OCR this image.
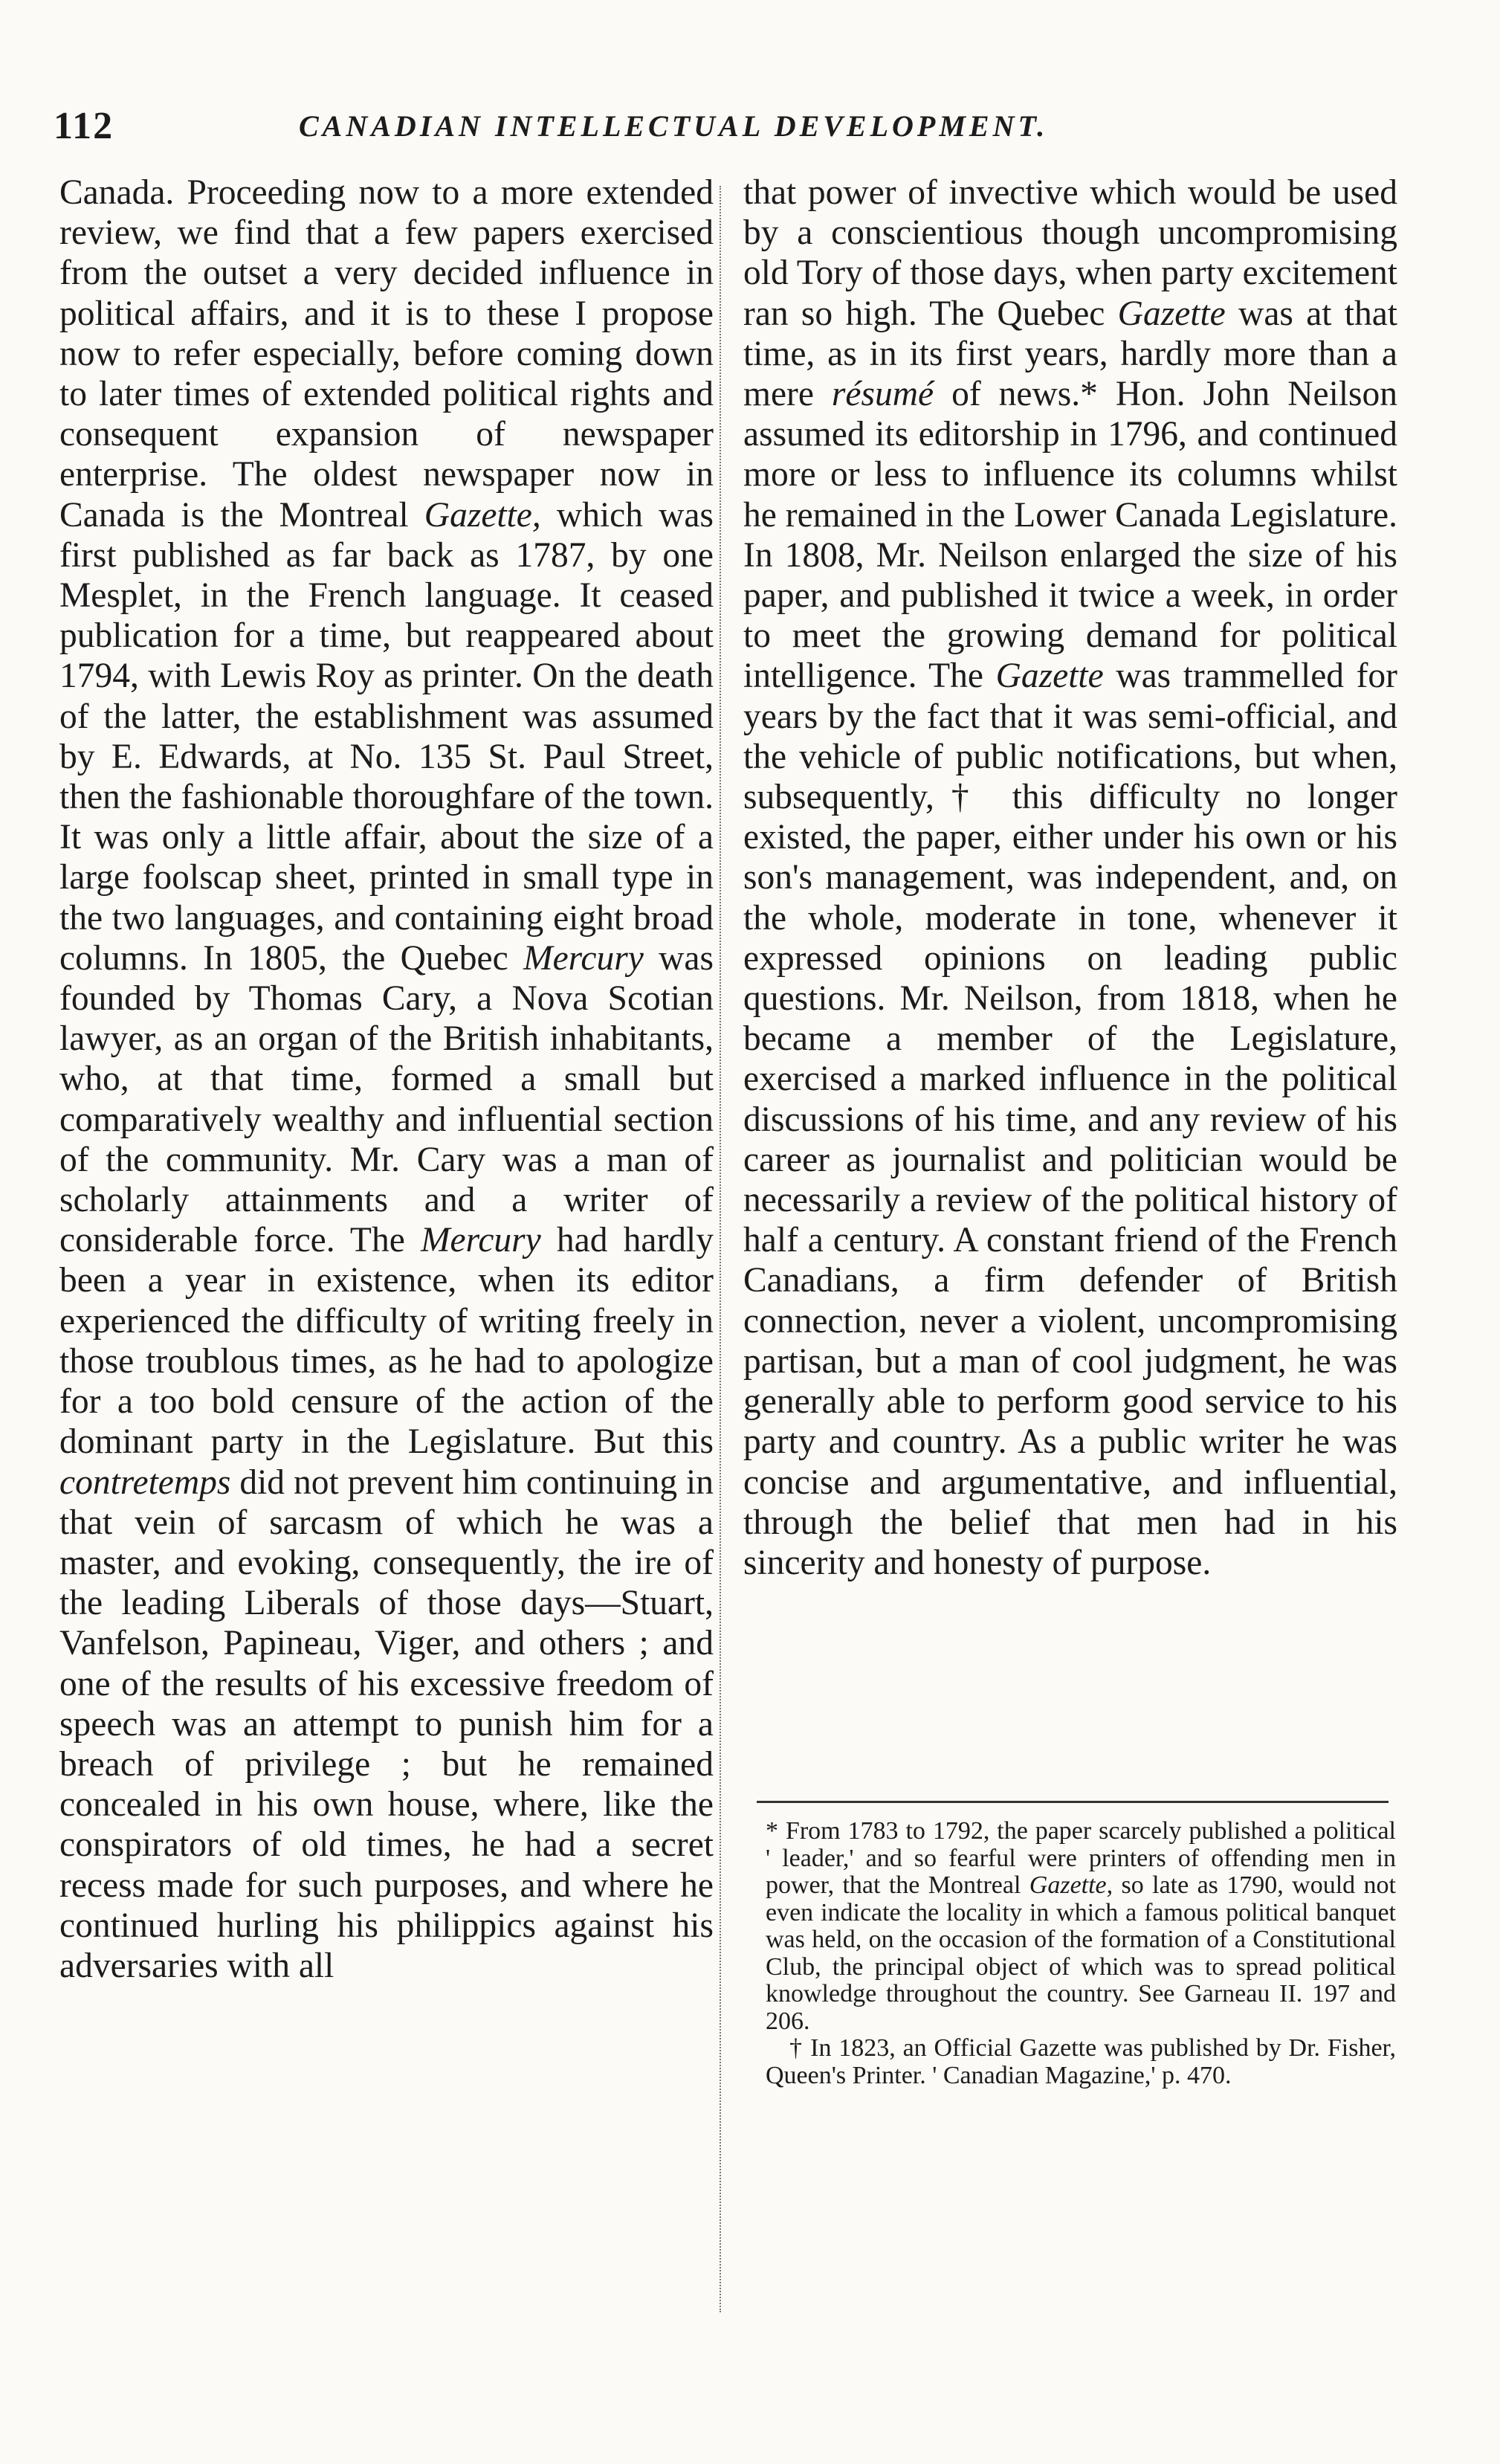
112	CANADIAN INTELLECTUAL DEVELOPMENT.

Canada. Proceeding now to a more extended review, we find that a few papers exercised from the outset a very decided influence in political affairs, and it is to these I propose now to refer especially, before coming down to later times of extended political rights and consequent expansion of newspaper enterprise. The oldest newspaper now in Canada is the Montreal Gazette, which was first published as far back as 1787, by one Mesplet, in the French language. It ceased publication for a time, but reappeared about 1794, with Lewis Roy as printer. On the death of the latter, the establishment was assumed by E. Edwards, at No. 135 St. Paul Street, then the fashionable thoroughfare of the town. It was only a little affair, about the size of a large foolscap sheet, printed in small type in the two languages, and containing eight broad columns. In 1805, the Quebec Mercury was founded by Thomas Cary, a Nova Scotian lawyer, as an organ of the British inhabitants, who, at that time, formed a small but comparatively wealthy and influential section of the community. Mr. Cary was a man of scholarly attainments and a writer of considerable force. The Mercury had hardly been a year in existence, when its editor experienced the difficulty of writing freely in those troublous times, as he had to apologize for a too bold censure of the action of the dominant party in the Legislature. But this contretemps did not prevent him continuing in that vein of sarcasm of which he was a master, and evoking, consequently, the ire of the leading Liberals of those days—Stuart, Vanfelson, Papineau, Viger, and others ; and one of the results of his excessive freedom of speech was an attempt to punish him for a breach of privilege ; but he remained concealed in his own house, where, like the conspirators of old times, he had a secret recess made for such purposes, and where he continued hurling his philippics against his adversaries with all

that power of invective which would be used by a conscientious though uncompromising old Tory of those days, when party excitement ran so high. The Quebec Gazette was at that time, as in its first years, hardly more than a mere résumé of news.* Hon. John Neilson assumed its editorship in 1796, and continued more or less to influence its columns whilst he remained in the Lower Canada Legislature. In 1808, Mr. Neilson enlarged the size of his paper, and published it twice a week, in order to meet the growing demand for political intelligence. The Gazette was trammelled for years by the fact that it was semi-official, and the vehicle of public notifications, but when, subsequently,† this difficulty no longer existed, the paper, either under his own or his son's management, was independent, and, on the whole, moderate in tone, whenever it expressed opinions on leading public questions. Mr. Neilson, from 1818, when he became a member of the Legislature, exercised a marked influence in the political discussions of his time, and any review of his career as journalist and politician would be necessarily a review of the political history of half a century. A constant friend of the French Canadians, a firm defender of British connection, never a violent, uncompromising partisan, but a man of cool judgment, he was generally able to perform good service to his party and country. As a public writer he was concise and argumentative, and influential, through the belief that men had in his sincerity and honesty of purpose.

* From 1783 to 1792, the paper scarcely published a political ' leader,' and so fearful were printers of offending men in power, that the Montreal Gazette, so late as 1790, would not even indicate the locality in which a famous political banquet was held, on the occasion of the formation of a Constitutional Club, the principal object of which was to spread political knowledge throughout the country. See Garneau II. 197 and 206.

† In 1823, an Official Gazette was published by Dr. Fisher, Queen's Printer. ' Canadian Magazine,' p. 470.
